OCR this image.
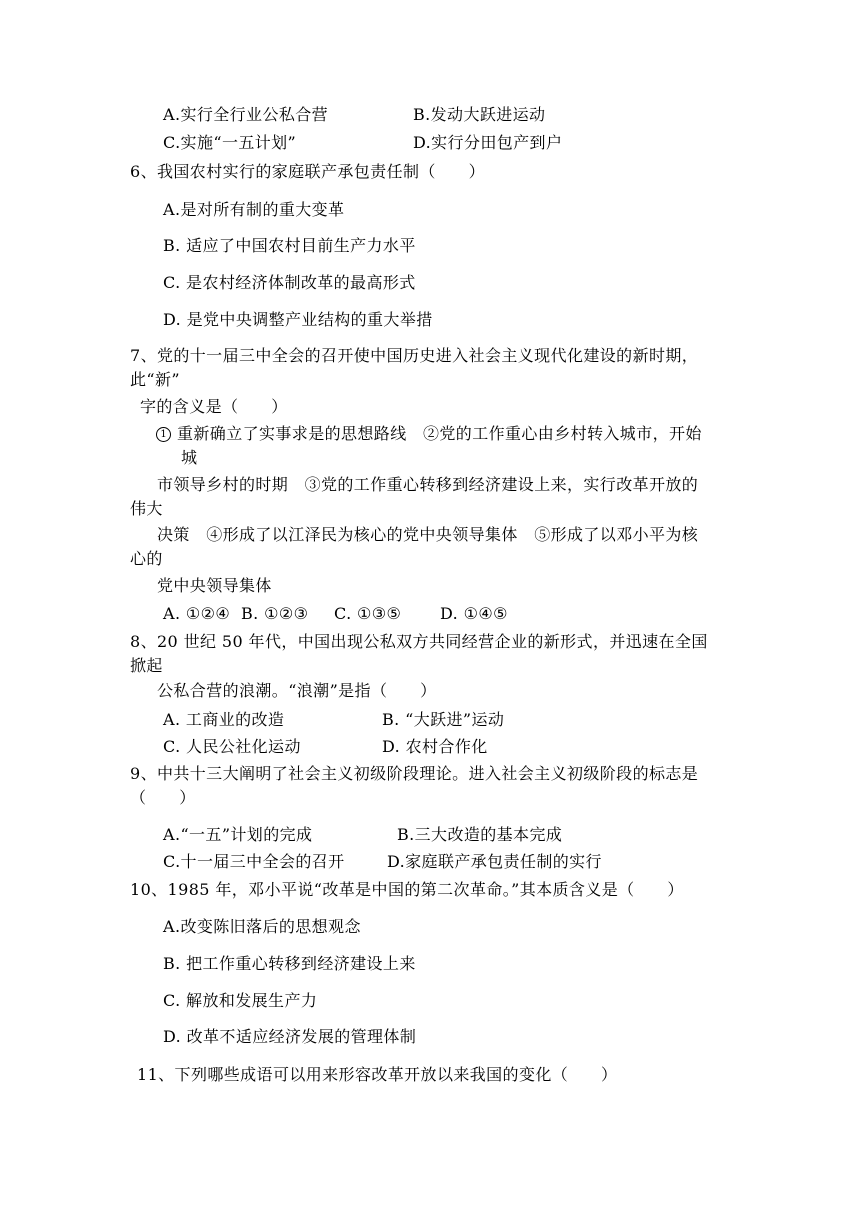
A.实行全行业公私合营	B.发动大跃进运动
C.实施“一五计划”	D.实行分田包产到户
6、我国农村实行的家庭联产承包责任制（　　）
A.是对所有制的重大变革
B. 适应了中国农村目前生产力水平
C. 是农村经济体制改革的最高形式
D. 是党中央调整产业结构的重大举措
7、党的十一届三中全会的召开使中国历史进入社会主义现代化建设的新时期，
此“新”
字的含义是（　　）
1 重新确立了实事求是的思想路线　②党的工作重心由乡村转入城市，开始
城
市领导乡村的时期　③党的工作重心转移到经济建设上来，实行改革开放的
伟大
决策　④形成了以江泽民为核心的党中央领导集体　⑤形成了以邓小平为核
心的
党中央领导集体
A. ①②④ B. ①②③ C. ①③⑤ D. ①④⑤
8、20 世纪 50 年代，中国出现公私双方共同经营企业的新形式，并迅速在全国
掀起
公私合营的浪潮。“浪潮”是指（　　）
A. 工商业的改造	B. “大跃进”运动
C. 人民公社化运动	D. 农村合作化
9、中共十三大阐明了社会主义初级阶段理论。进入社会主义初级阶段的标志是
（　　）
A.“一五”计划的完成	B.三大改造的基本完成
C.十一届三中全会的召开	D.家庭联产承包责任制的实行
10、1985 年，邓小平说“改革是中国的第二次革命。”其本质含义是（　　）
A.改变陈旧落后的思想观念
B. 把工作重心转移到经济建设上来
C. 解放和发展生产力
D. 改革不适应经济发展的管理体制
11、下列哪些成语可以用来形容改革开放以来我国的变化（　　）
